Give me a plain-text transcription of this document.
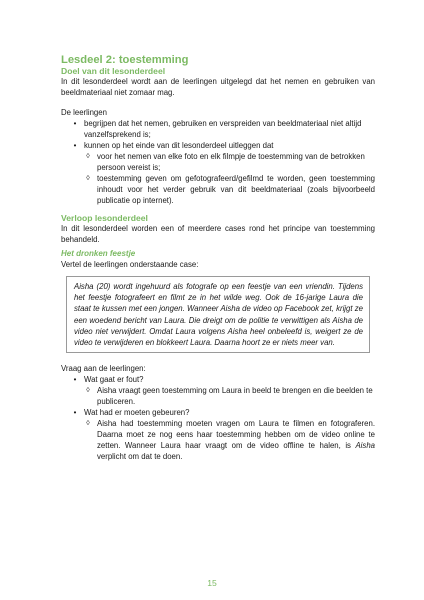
Lesdeel 2: toestemming
Doel van dit lesonderdeel

In dit lesonderdeel wordt aan de leerlingen uitgelegd dat het nemen en gebruiken van beeldmateriaal niet zomaar mag.

De leerlingen

• begrijpen dat het nemen, gebruiken en verspreiden van beeldmateriaal niet altijd vanzelfsprekend is;
• kunnen op het einde van dit lesonderdeel uitleggen dat
◊ voor het nemen van elke foto en elk filmpje de toestemming van de betrokken persoon vereist is;
◊ toestemming geven om gefotografeerd/gefilmd te worden, geen toestemming inhoudt voor het verder gebruik van dit beeldmateriaal (zoals bijvoorbeeld publicatie op internet).
Verloop lesonderdeel

In dit lesonderdeel worden een of meerdere cases rond het principe van toestemming behandeld.

Het dronken feestje

Vertel de leerlingen onderstaande case:

Aisha (20) wordt ingehuurd als fotografe op een feestje van een vriendin. Tijdens het feestje fotografeert en filmt ze in het wilde weg. Ook de 16-jarige Laura die staat te kussen met een jongen. Wanneer Aisha de video op Facebook zet, krijgt ze een woedend bericht van Laura. Die dreigt om de politie te verwittigen als Aisha de video niet verwijdert. Omdat Laura volgens Aisha heel onbeleefd is, weigert ze de video te verwijderen en blokkeert Laura. Daarna hoort ze er niets meer van.

Vraag aan de leerlingen:

• Wat gaat er fout?
◊ Aisha vraagt geen toestemming om Laura in beeld te brengen en die beelden te publiceren.
• Wat had er moeten gebeuren?
◊ Aisha had toestemming moeten vragen om Laura te filmen en fotograferen. Daarna moet ze nog eens haar toestemming hebben om de video online te zetten. Wanneer Laura haar vraagt om de video offline te halen, is Aisha verplicht om dat te doen.
15
